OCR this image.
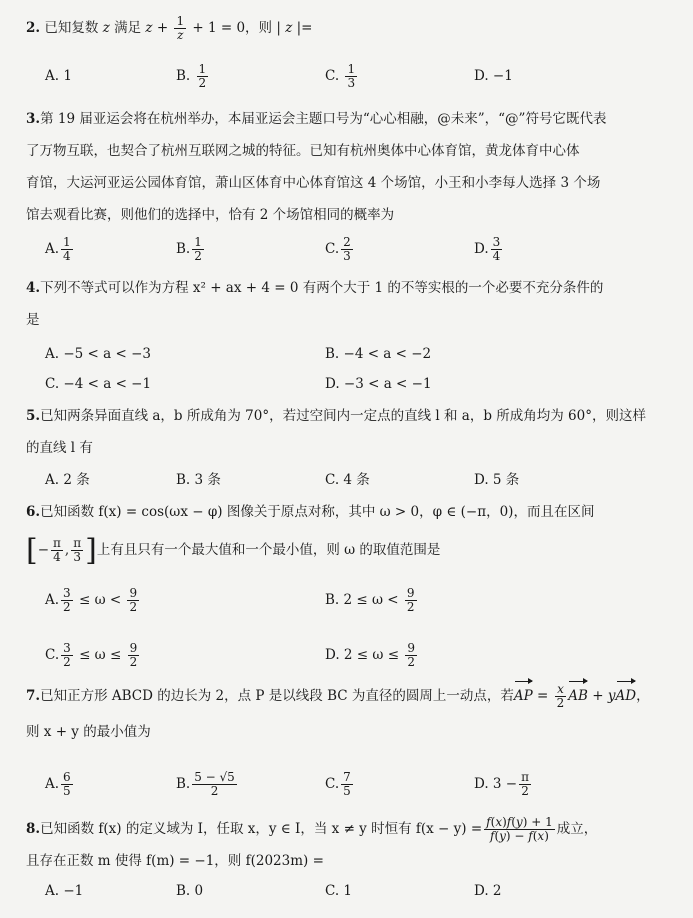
2. 已知复数 z 满足 $z + \frac{1}{z} + 1 = 0$，则 | z |=
A. 1	B. $\frac{1}{2}$	C. $\frac{1}{3}$	D. −1
3.第 19 届亚运会将在杭州举办，本届亚运会主题口号为“心心相融，@未来”，“@”符号它既代表
了万物互联，也契合了杭州互联网之城的特征。已知有杭州奥体中心体育馆，黄龙体育中心体
育馆，大运河亚运公园体育馆，萧山区体育中心体育馆这 4 个场馆，小王和小李每人选择 3 个场
馆去观看比赛，则他们的选择中，恰有 2 个场馆相同的概率为
A. $\frac{1}{4}$	B. $\frac{1}{2}$	C. $\frac{2}{3}$	D. $\frac{3}{4}$
4.下列不等式可以作为方程 x² + ax + 4 = 0 有两个大于 1 的不等实根的一个必要不充分条件的
是
A. −5 < a < −3	B. −4 < a < −2
C. −4 < a < −1	D. −3 < a < −1
5.已知两条异面直线 a，b 所成角为 70°，若过空间内一定点的直线 l 和 a，b 所成角均为 60°，则这样
的直线 l 有
A. 2 条	B. 3 条	C. 4 条	D. 5 条
6.已知函数 f(x) = cos(ωx − φ) 图像关于原点对称，其中 ω > 0，φ ∈ (−π，0)，而且在区间
[− $\frac{\pi}{4}$ , $\frac{\pi}{3}$ ]上有且只有一个最大值和一个最小值，则 ω 的取值范围是
A. $\frac{3}{2} \le \omega < \frac{9}{2}$	B. $2 \le \omega < \frac{9}{2}$
C. $\frac{3}{2} \le \omega \le \frac{9}{2}$	D. $2 \le \omega \le \frac{9}{2}$
7.已知正方形 ABCD 的边长为 2，点 P 是以线段 BC 为直径的圆周上一动点，若AP = $\frac{x}{2}$ AB + yAD，
则 x + y 的最小值为
A. $\frac{6}{5}$	B. $\frac{5 - √5}{2}$	C. $\frac{7}{5}$	D. $3 - \frac{\pi}{2}$
8.已知函数 f(x) 的定义域为 I，任取 x，y ∈ I，当 x ≠ y 时恒有 $f(x - y) = \frac{f(x)f(y) + 1}{f(y) - f(x)}$ 成立，
且存在正数 m 使得 f(m) = −1，则 f(2023m) =
A. −1	B. 0	C. 1	D. 2
